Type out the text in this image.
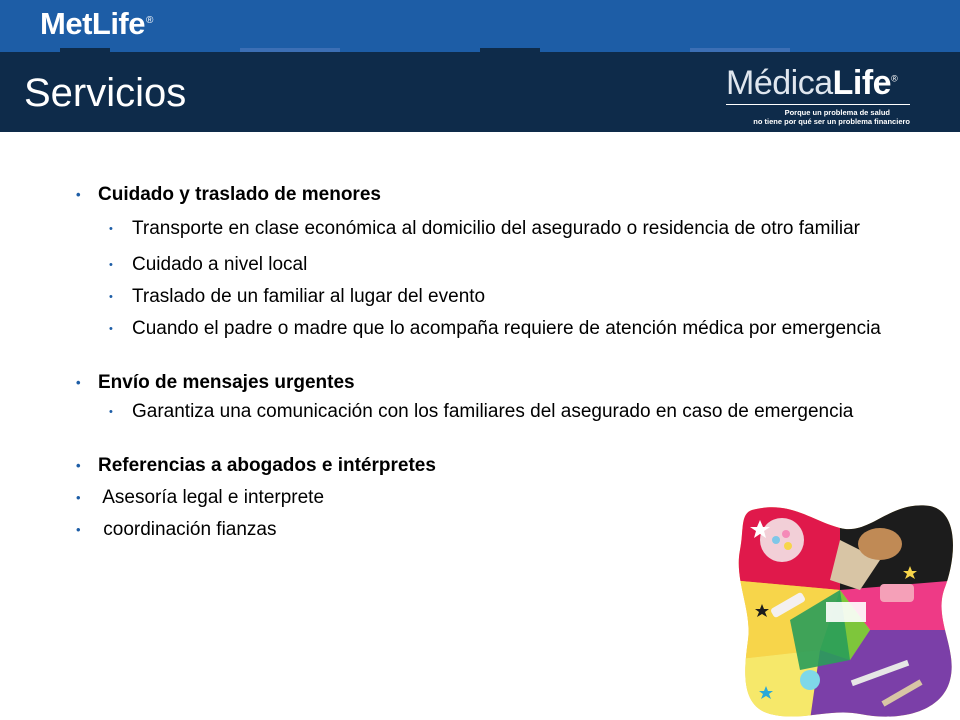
MetLife®
Servicios	MédicaLife®
Porque un problema de salud
no tiene por qué ser un problema financiero
• Cuidado y traslado de menores
• Transporte en clase económica al domicilio del asegurado o residencia de otro familiar
• Cuidado a nivel local
• Traslado de un familiar al lugar del evento
• Cuando el padre o madre que lo acompaña requiere de atención médica por emergencia
• Envío de mensajes urgentes
• Garantiza una comunicación con los familiares del asegurado en caso de emergencia
• Referencias a abogados e intérpretes
• Asesoría legal e interprete
• coordinación fianzas
